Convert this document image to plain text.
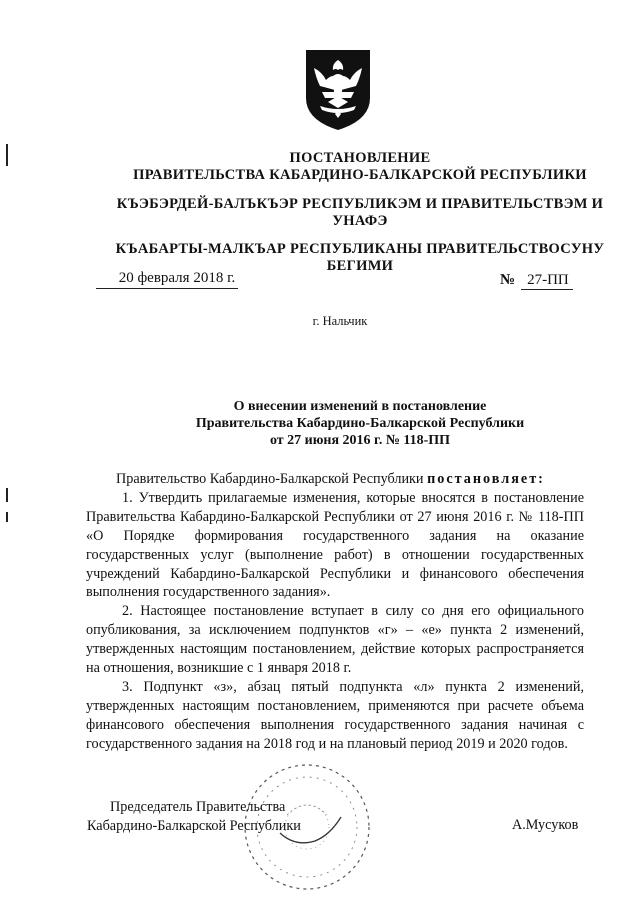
ПОСТАНОВЛЕНИЕ
ПРАВИТЕЛЬСТВА КАБАРДИНО-БАЛКАРСКОЙ РЕСПУБЛИКИ
КЪЭБЭРДЕЙ-БАЛЪКЪЭР РЕСПУБЛИКЭМ И ПРАВИТЕЛЬСТВЭМ И
УНАФЭ
КЪАБАРТЫ-МАЛКЪАР РЕСПУБЛИКАНЫ ПРАВИТЕЛЬСТВОСУНУ
БЕГИМИ
20 февраля 2018 г.	№ 27-ПП
г. Нальчик
О внесении изменений в постановление
Правительства Кабардино-Балкарской Республики
от 27 июня 2016 г. № 118-ПП

Правительство Кабардино-Балкарской Республики постановляет:

1. Утвердить прилагаемые изменения, которые вносятся в постановление Правительства Кабардино-Балкарской Республики от 27 июня 2016 г. № 118-ПП «О Порядке формирования государственного задания на оказание государственных услуг (выполнение работ) в отношении государственных учреждений Кабардино-Балкарской Республики и финансового обеспечения выполнения государственного задания».

2. Настоящее постановление вступает в силу со дня его официального опубликования, за исключением подпунктов «г» – «е» пункта 2 изменений, утвержденных настоящим постановлением, действие которых распространяется на отношения, возникшие с 1 января 2018 г.

3. Подпункт «з», абзац пятый подпункта «л» пункта 2 изменений, утвержденных настоящим постановлением, применяются при расчете объема финансового обеспечения выполнения государственного задания начиная с государственного задания на 2018 год и на плановый период 2019 и 2020 годов.

Председатель Правительства
Кабардино-Балкарской Республики	А.Мусуков
